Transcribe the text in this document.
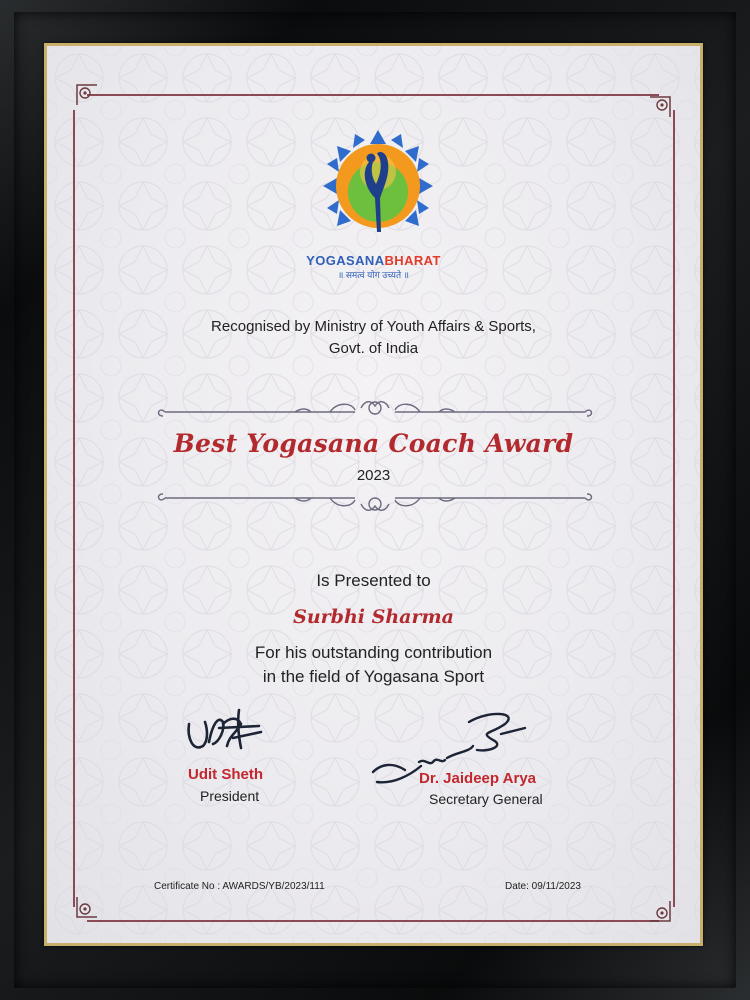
YOGASANABHARAT
॥ समत्वं योग उच्यते ॥
Recognised by Ministry of Youth Affairs & Sports,
Govt. of India
Best Yogasana Coach Award
2023
Is Presented to
Surbhi Sharma
For his outstanding contribution
in the field of Yogasana Sport
Udit Sheth
President
Dr. Jaideep Arya
Secretary General
Certificate No : AWARDS/YB/2023/111	Date: 09/11/2023
